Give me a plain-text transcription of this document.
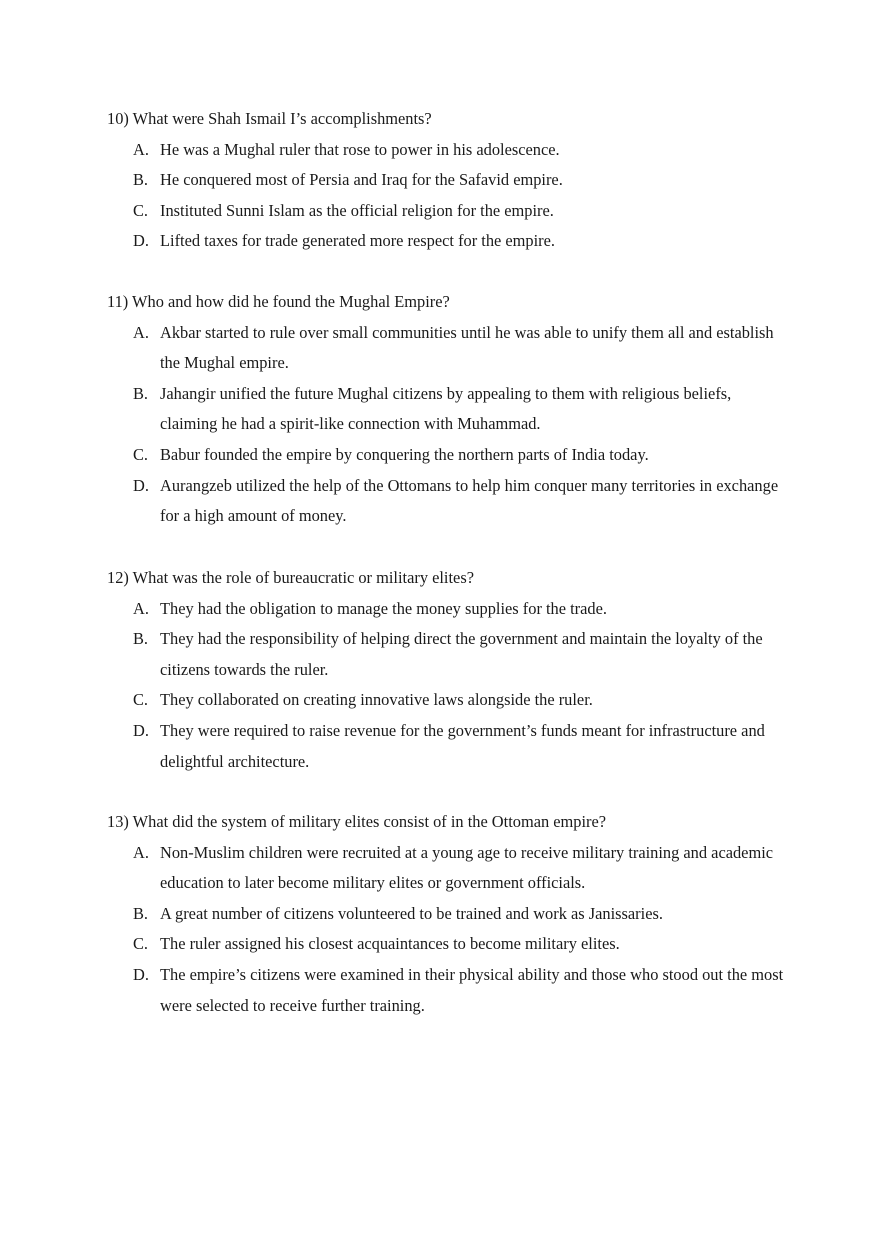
10) What were Shah Ismail I’s accomplishments?
A. He was a Mughal ruler that rose to power in his adolescence.
B. He conquered most of Persia and Iraq for the Safavid empire.
C. Instituted Sunni Islam as the official religion for the empire.
D. Lifted taxes for trade generated more respect for the empire.
11) Who and how did he found the Mughal Empire?
A. Akbar started to rule over small communities until he was able to unify them all and establish the Mughal empire.
B. Jahangir unified the future Mughal citizens by appealing to them with religious beliefs, claiming he had a spirit-like connection with Muhammad.
C. Babur founded the empire by conquering the northern parts of India today.
D. Aurangzeb utilized the help of the Ottomans to help him conquer many territories in exchange for a high amount of money.
12) What was the role of bureaucratic or military elites?
A. They had the obligation to manage the money supplies for the trade.
B. They had the responsibility of helping direct the government and maintain the loyalty of the citizens towards the ruler.
C. They collaborated on creating innovative laws alongside the ruler.
D. They were required to raise revenue for the government’s funds meant for infrastructure and delightful architecture.
13) What did the system of military elites consist of in the Ottoman empire?
A. Non-Muslim children were recruited at a young age to receive military training and academic education to later become military elites or government officials.
B. A great number of citizens volunteered to be trained and work as Janissaries.
C. The ruler assigned his closest acquaintances to become military elites.
D. The empire’s citizens were examined in their physical ability and those who stood out the most were selected to receive further training.
